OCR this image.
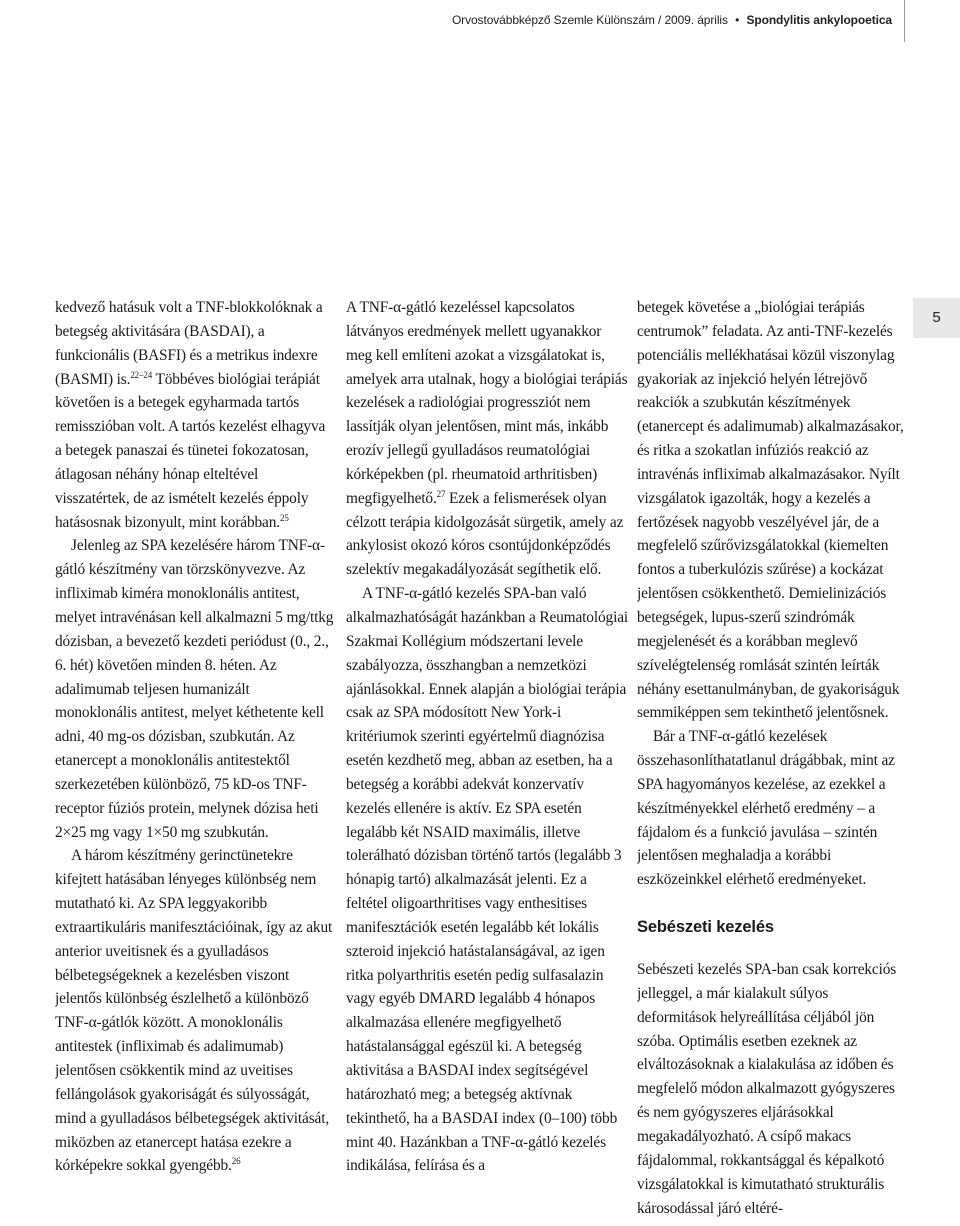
Orvostovábbképző Szemle Különszám / 2009. április • Spondylitis ankylopoetica
5

kedvező hatásuk volt a TNF-blokkolóknak a betegség aktivitására (BASDAI), a funkcionális (BASFI) és a metrikus indexre (BASMI) is.$^{22-24}$ Többéves biológiai terápiát követően is a betegek egyharmada tartós remisszióban volt. A tartós kezelést elhagyva a betegek panaszai és tünetei fokozatosan, átlagosan néhány hónap elteltével visszatértek, de az ismételt kezelés éppoly hatásosnak bizonyult, mint korábban.$^{25}$

Jelenleg az SPA kezelésére három TNF-α-gátló készítmény van törzskönyvezve. Az infliximab kiméra monoklonális antitest, melyet intravénásan kell alkalmazni 5 mg/ttkg dózisban, a bevezető kezdeti periódust (0., 2., 6. hét) követően minden 8. héten. Az adalimumab teljesen humanizált monoklonális antitest, melyet kéthetente kell adni, 40 mg-os dózisban, szubkután. Az etanercept a monoklonális antitestektől szerkezetében különböző, 75 kD-os TNF-receptor fúziós protein, melynek dózisa heti 2×25 mg vagy 1×50 mg szubkután.

A három készítmény gerinctünetekre kifejtett hatásában lényeges különbség nem mutatható ki. Az SPA leggyakoribb extraartikuláris manifesztációinak, így az akut anterior uveitisnek és a gyulladásos bélbetegségeknek a kezelésben viszont jelentős különbség észlelhető a különböző TNF-α-gátlók között. A monoklonális antitestek (infliximab és adalimumab) jelentősen csökkentik mind az uveitises fellángolások gyakoriságát és súlyosságát, mind a gyulladásos bélbetegségek aktivitását, miközben az etanercept hatása ezekre a kórképekre sokkal gyengébb.$^{26}$

A TNF-α-gátló kezeléssel kapcsolatos látványos eredmények mellett ugyanakkor meg kell említeni azokat a vizsgálatokat is, amelyek arra utalnak, hogy a biológiai terápiás kezelések a radiológiai progressziót nem lassítják olyan jelentősen, mint más, inkább erozív jellegű gyulladásos reumatológiai kórképekben (pl. rheumatoid arthritisben) megfigyelhető.$^{27}$ Ezek a felismerések olyan célzott terápia kidolgozását sürgetik, amely az ankylosist okozó kóros csontújdonképződés szelektív megakadályozását segíthetik elő.

A TNF-α-gátló kezelés SPA-ban való alkalmazhatóságát hazánkban a Reumatológiai Szakmai Kollégium módszertani levele szabályozza, összhangban a nemzetközi ajánlásokkal. Ennek alapján a biológiai terápia csak az SPA módosított New York-i kritériumok szerinti egyértelmű diagnózisa esetén kezdhető meg, abban az esetben, ha a betegség a korábbi adekvát konzervatív kezelés ellenére is aktív. Ez SPA esetén legalább két NSAID maximális, illetve tolerálható dózisban történő tartós (legalább 3 hónapig tartó) alkalmazását jelenti. Ez a feltétel oligoarthritises vagy enthesitises manifesztációk esetén legalább két lokális szteroid injekció hatástalanságával, az igen ritka polyarthritis esetén pedig sulfasalazin vagy egyéb DMARD legalább 4 hónapos alkalmazása ellenére megfigyelhető hatástalansággal egészül ki. A betegség aktivitása a BASDAI index segítségével határozható meg; a betegség aktívnak tekinthető, ha a BASDAI index (0–100) több mint 40. Hazánkban a TNF-α-gátló kezelés indikálása, felírása és a

betegek követése a „biológiai terápiás centrumok” feladata. Az anti-TNF-kezelés potenciális mellékhatásai közül viszonylag gyakoriak az injekció helyén létrejövő reakciók a szubkután készítmények (etanercept és adalimumab) alkalmazásakor, és ritka a szokatlan infúziós reakció az intravénás infliximab alkalmazásakor. Nyílt vizsgálatok igazolták, hogy a kezelés a fertőzések nagyobb veszélyével jár, de a megfelelő szűrővizsgálatokkal (kiemelten fontos a tuberkulózis szűrése) a kockázat jelentősen csökkenthető. Demielinizációs betegségek, lupus-szerű szindrómák megjelenését és a korábban meglevő szívelégtelenség romlását szintén leírták néhány esettanulmányban, de gyakoriságuk semmiképpen sem tekinthető jelentősnek.

Bár a TNF-α-gátló kezelések összehasonlíthatatlanul drágábbak, mint az SPA hagyományos kezelése, az ezekkel a készítményekkel elérhető eredmény – a fájdalom és a funkció javulása – szintén jelentősen meghaladja a korábbi eszközeinkkel elérhető eredményeket.

Sebészeti kezelés

Sebészeti kezelés SPA-ban csak korrekciós jelleggel, a már kialakult súlyos deformitások helyreállítása céljából jön szóba. Optimális esetben ezeknek az elváltozásoknak a kialakulása az időben és megfelelő módon alkalmazott gyógyszeres és nem gyógyszeres eljárásokkal megakadályozható. A csípő makacs fájdalommal, rokkantsággal és képalkotó vizsgálatokkal is kimutatható strukturális károsodással járó eltéré-
